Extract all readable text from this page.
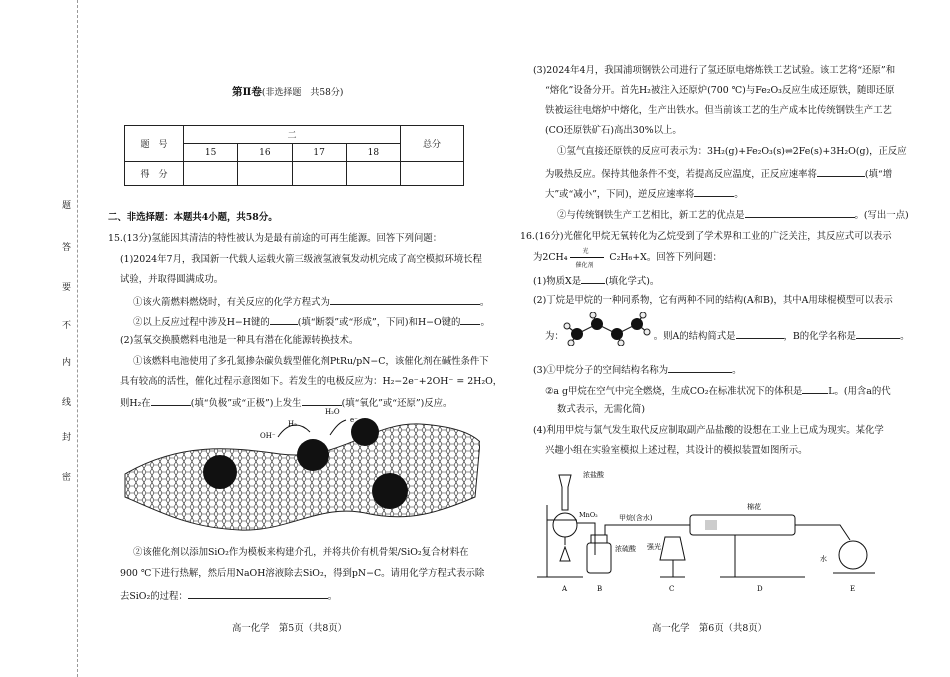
题
答
要
不
内
线
封
密
第Ⅱ卷(非选择题　共58分)
题　号	二				总分
	15	16	17	18	
得　分					
二、非选择题：本题共4小题，共58分。
15.(13分)氢能因其清洁的特性被认为是最有前途的可再生能源。回答下列问题：
(1)2024年7月，我国新一代载人运载火箭三级液氢液氧发动机完成了高空模拟环境长程
试验，并取得圆满成功。
①该火箭燃料燃烧时，有关反应的化学方程式为	。
②以上反应过程中涉及H−H键的	(填“断裂”或“形成”，下同)和H−O键的 。
(2)氢氧交换膜燃料电池是一种具有潜在化能源转换技术。
①该燃料电池使用了多孔氮掺杂碳负载型催化剂PtRu/pN−C，该催化剂在碱性条件下
具有较高的活性，催化过程示意图如下。若发生的电极反应为：H₂−2e⁻+2OH⁻ = 2H₂O，
则H₂在	(填“负极”或“正极”)上发生	(填“氧化”或“还原”)反应。
H₂
H₂O
OH⁻
e⁻
②该催化剂以添加SiO₂作为模板来构建介孔，并将共价有机骨架/SiO₂复合材料在
900 ℃下进行热解，然后用NaOH溶液除去SiO₂，得到pN−C。请用化学方程式表示除
去SiO₂的过程：	。
高一化学　第5页（共8页）
(3)2024年4月，我国浦项钢铁公司进行了氢还原电熔炼铁工艺试验。该工艺将“还原”和
“熔化”设备分开。首先H₂被注入还原炉(700 ℃)与Fe₂O₃反应生成还原铁，随即还原
铁被运往电熔炉中熔化，生产出铁水。但当前该工艺的生产成本比传统钢铁生产工艺
(CO还原铁矿石)高出30%以上。
①氢气直接还原铁的反应可表示为：3H₂(g)+Fe₂O₃(s)⇌2Fe(s)+3H₂O(g)，正反应
为吸热反应。保持其他条件不变，若提高反应温度，正反应速率将	(填“增
大”或“减小”，下同)，逆反应速率将	。
②与传统钢铁生产工艺相比，新工艺的优点是	。(写出一点)
16.(16分)光催化甲烷无氧转化为乙烷受到了学术界和工业的广泛关注，其反应式可以表示
为2CH₄
光
催化剂
C₂H₆+X。回答下列问题：
(1)物质X是	(填化学式)。
(2)丁烷是甲烷的一种同系物，它有两种不同的结构(A和B)，其中A用球棍模型可以表示
为：	。则A的结构简式是	，B的化学名称是	。
(3)①甲烷分子的空间结构名称为	。
②a g甲烷在空气中完全燃烧，生成CO₂在标准状况下的体积是	L。(用含a的代
数式表示，无需化简)
(4)利用甲烷与氯气发生取代反应制取副产品盐酸的设想在工业上已成为现实。某化学
兴趣小组在实验室模拟上述过程，其设计的模拟装置如图所示。
浓盐酸
MnO₂	甲烷(含水)
浓硫酸 强光
棉花
水
A	B	C	D	E
高一化学　第6页（共8页）
